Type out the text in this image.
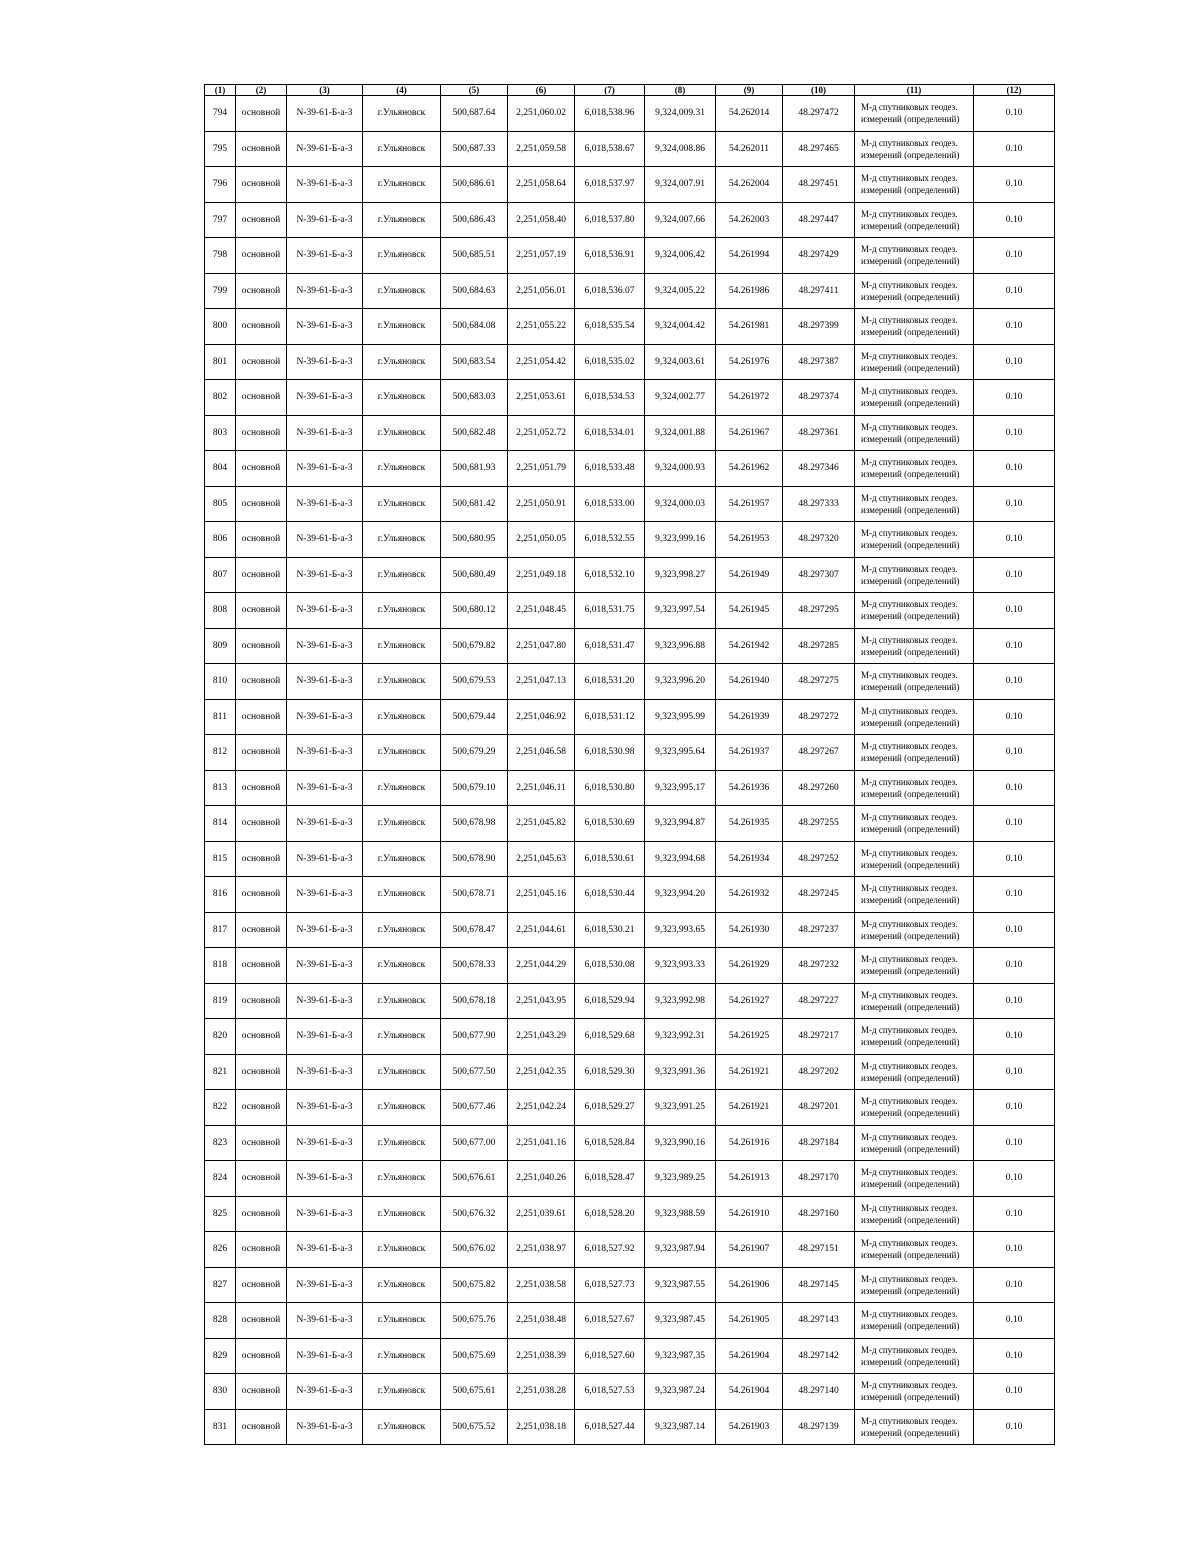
(1)	(2)	(3)	(4)	(5)	(6)	(7)	(8)	(9)	(10)	(11)	(12)
794	основной	N-39-61-Б-а-3	г.Ульяновск	500,687.64	2,251,060.02	6,018,538.96	9,324,009.31	54.262014	48.297472	М-д спутниковых геодез. измерений (определений)	0.10
795	основной	N-39-61-Б-а-3	г.Ульяновск	500,687.33	2,251,059.58	6,018,538.67	9,324,008.86	54.262011	48.297465	М-д спутниковых геодез. измерений (определений)	0.10
796	основной	N-39-61-Б-а-3	г.Ульяновск	500,686.61	2,251,058.64	6,018,537.97	9,324,007.91	54.262004	48.297451	М-д спутниковых геодез. измерений (определений)	0.10
797	основной	N-39-61-Б-а-3	г.Ульяновск	500,686.43	2,251,058.40	6,018,537.80	9,324,007.66	54.262003	48.297447	М-д спутниковых геодез. измерений (определений)	0.10
798	основной	N-39-61-Б-а-3	г.Ульяновск	500,685.51	2,251,057.19	6,018,536.91	9,324,006.42	54.261994	48.297429	М-д спутниковых геодез. измерений (определений)	0.10
799	основной	N-39-61-Б-а-3	г.Ульяновск	500,684.63	2,251,056.01	6,018,536.07	9,324,005.22	54.261986	48.297411	М-д спутниковых геодез. измерений (определений)	0.10
800	основной	N-39-61-Б-а-3	г.Ульяновск	500,684.08	2,251,055.22	6,018,535.54	9,324,004.42	54.261981	48.297399	М-д спутниковых геодез. измерений (определений)	0.10
801	основной	N-39-61-Б-а-3	г.Ульяновск	500,683.54	2,251,054.42	6,018,535.02	9,324,003.61	54.261976	48.297387	М-д спутниковых геодез. измерений (определений)	0.10
802	основной	N-39-61-Б-а-3	г.Ульяновск	500,683.03	2,251,053.61	6,018,534.53	9,324,002.77	54.261972	48.297374	М-д спутниковых геодез. измерений (определений)	0.10
803	основной	N-39-61-Б-а-3	г.Ульяновск	500,682.48	2,251,052.72	6,018,534.01	9,324,001.88	54.261967	48.297361	М-д спутниковых геодез. измерений (определений)	0.10
804	основной	N-39-61-Б-а-3	г.Ульяновск	500,681.93	2,251,051.79	6,018,533.48	9,324,000.93	54.261962	48.297346	М-д спутниковых геодез. измерений (определений)	0.10
805	основной	N-39-61-Б-а-3	г.Ульяновск	500,681.42	2,251,050.91	6,018,533.00	9,324,000.03	54.261957	48.297333	М-д спутниковых геодез. измерений (определений)	0.10
806	основной	N-39-61-Б-а-3	г.Ульяновск	500,680.95	2,251,050.05	6,018,532.55	9,323,999.16	54.261953	48.297320	М-д спутниковых геодез. измерений (определений)	0.10
807	основной	N-39-61-Б-а-3	г.Ульяновск	500,680.49	2,251,049.18	6,018,532.10	9,323,998.27	54.261949	48.297307	М-д спутниковых геодез. измерений (определений)	0.10
808	основной	N-39-61-Б-а-3	г.Ульяновск	500,680.12	2,251,048.45	6,018,531.75	9,323,997.54	54.261945	48.297295	М-д спутниковых геодез. измерений (определений)	0.10
809	основной	N-39-61-Б-а-3	г.Ульяновск	500,679.82	2,251,047.80	6,018,531.47	9,323,996.88	54.261942	48.297285	М-д спутниковых геодез. измерений (определений)	0.10
810	основной	N-39-61-Б-а-3	г.Ульяновск	500,679.53	2,251,047.13	6,018,531.20	9,323,996.20	54.261940	48.297275	М-д спутниковых геодез. измерений (определений)	0.10
811	основной	N-39-61-Б-а-3	г.Ульяновск	500,679.44	2,251,046.92	6,018,531.12	9,323,995.99	54.261939	48.297272	М-д спутниковых геодез. измерений (определений)	0.10
812	основной	N-39-61-Б-а-3	г.Ульяновск	500,679.29	2,251,046.58	6,018,530.98	9,323,995.64	54.261937	48.297267	М-д спутниковых геодез. измерений (определений)	0.10
813	основной	N-39-61-Б-а-3	г.Ульяновск	500,679.10	2,251,046.11	6,018,530.80	9,323,995.17	54.261936	48.297260	М-д спутниковых геодез. измерений (определений)	0.10
814	основной	N-39-61-Б-а-3	г.Ульяновск	500,678.98	2,251,045.82	6,018,530.69	9,323,994.87	54.261935	48.297255	М-д спутниковых геодез. измерений (определений)	0.10
815	основной	N-39-61-Б-а-3	г.Ульяновск	500,678.90	2,251,045.63	6,018,530.61	9,323,994.68	54.261934	48.297252	М-д спутниковых геодез. измерений (определений)	0.10
816	основной	N-39-61-Б-а-3	г.Ульяновск	500,678.71	2,251,045.16	6,018,530.44	9,323,994.20	54.261932	48.297245	М-д спутниковых геодез. измерений (определений)	0.10
817	основной	N-39-61-Б-а-3	г.Ульяновск	500,678.47	2,251,044.61	6,018,530.21	9,323,993.65	54.261930	48.297237	М-д спутниковых геодез. измерений (определений)	0.10
818	основной	N-39-61-Б-а-3	г.Ульяновск	500,678.33	2,251,044.29	6,018,530.08	9,323,993.33	54.261929	48.297232	М-д спутниковых геодез. измерений (определений)	0.10
819	основной	N-39-61-Б-а-3	г.Ульяновск	500,678.18	2,251,043.95	6,018,529.94	9,323,992.98	54.261927	48.297227	М-д спутниковых геодез. измерений (определений)	0.10
820	основной	N-39-61-Б-а-3	г.Ульяновск	500,677.90	2,251,043.29	6,018,529.68	9,323,992.31	54.261925	48.297217	М-д спутниковых геодез. измерений (определений)	0.10
821	основной	N-39-61-Б-а-3	г.Ульяновск	500,677.50	2,251,042.35	6,018,529.30	9,323,991.36	54.261921	48.297202	М-д спутниковых геодез. измерений (определений)	0.10
822	основной	N-39-61-Б-а-3	г.Ульяновск	500,677.46	2,251,042.24	6,018,529.27	9,323,991.25	54.261921	48.297201	М-д спутниковых геодез. измерений (определений)	0.10
823	основной	N-39-61-Б-а-3	г.Ульяновск	500,677.00	2,251,041.16	6,018,528.84	9,323,990.16	54.261916	48.297184	М-д спутниковых геодез. измерений (определений)	0.10
824	основной	N-39-61-Б-а-3	г.Ульяновск	500,676.61	2,251,040.26	6,018,528.47	9,323,989.25	54.261913	48.297170	М-д спутниковых геодез. измерений (определений)	0.10
825	основной	N-39-61-Б-а-3	г.Ульяновск	500,676.32	2,251,039.61	6,018,528.20	9,323,988.59	54.261910	48.297160	М-д спутниковых геодез. измерений (определений)	0.10
826	основной	N-39-61-Б-а-3	г.Ульяновск	500,676.02	2,251,038.97	6,018,527.92	9,323,987.94	54.261907	48.297151	М-д спутниковых геодез. измерений (определений)	0.10
827	основной	N-39-61-Б-а-3	г.Ульяновск	500,675.82	2,251,038.58	6,018,527.73	9,323,987.55	54.261906	48.297145	М-д спутниковых геодез. измерений (определений)	0.10
828	основной	N-39-61-Б-а-3	г.Ульяновск	500,675.76	2,251,038.48	6,018,527.67	9,323,987.45	54.261905	48.297143	М-д спутниковых геодез. измерений (определений)	0.10
829	основной	N-39-61-Б-а-3	г.Ульяновск	500,675.69	2,251,038.39	6,018,527.60	9,323,987.35	54.261904	48.297142	М-д спутниковых геодез. измерений (определений)	0.10
830	основной	N-39-61-Б-а-3	г.Ульяновск	500,675.61	2,251,038.28	6,018,527.53	9,323,987.24	54.261904	48.297140	М-д спутниковых геодез. измерений (определений)	0.10
831	основной	N-39-61-Б-а-3	г.Ульяновск	500,675.52	2,251,038.18	6,018,527.44	9,323,987.14	54.261903	48.297139	М-д спутниковых геодез. измерений (определений)	0.10
